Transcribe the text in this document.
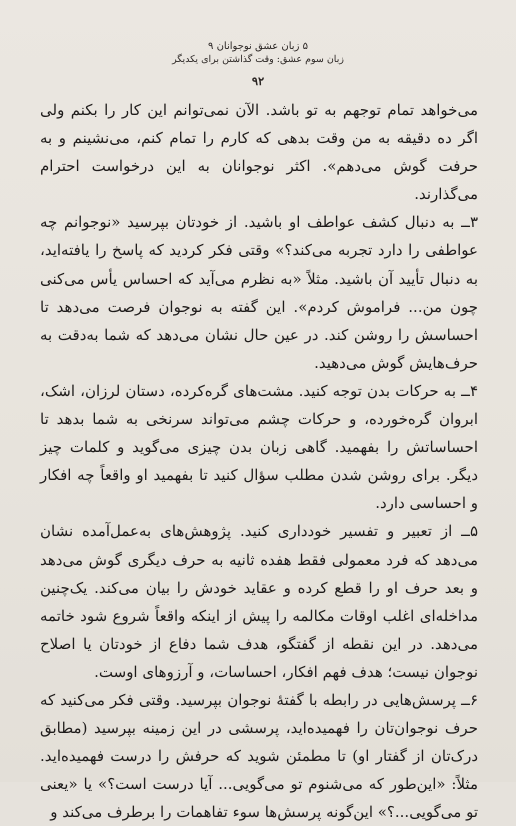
۵ زبان عشق نوجوانان ۹
زبان سوم عشق: وقت گذاشتن برای یکدیگر
۹۲

می‌خواهد تمام توجهم به تو باشد. الآن نمی‌توانم این کار را بکنم ولی اگر ده دقیقه به من وقت بدهی که کارم را تمام کنم، می‌نشینم و به حرفت گوش می‌دهم». اکثر نوجوانان به این درخواست احترام می‌گذارند.

۳ــ به دنبال کشف عواطف او باشید. از خودتان بپرسید «نوجوانم چه عواطفی را دارد تجربه می‌کند؟» وقتی فکر کردید که پاسخ را یافته‌اید، به دنبال تأیید آن باشید. مثلاً «به نظرم می‌آید که احساس یأس می‌کنی چون من... فراموش کردم». این گفته به نوجوان فرصت می‌دهد تا احساسش را روشن کند. در عین حال نشان می‌دهد که شما به‌دقت به حرف‌هایش گوش می‌دهید.

۴ــ به حرکات بدن توجه کنید. مشت‌های گره‌کرده، دستان لرزان، اشک، ابروان گره‌خورده، و حرکات چشم می‌تواند سرنخی به شما بدهد تا احساساتش را بفهمید. گاهی زبان بدن چیزی می‌گوید و کلمات چیز دیگر. برای روشن شدن مطلب سؤال کنید تا بفهمید او واقعاً چه افکار و احساسی دارد.

۵ــ از تعبیر و تفسیر خودداری کنید. پژوهش‌های به‌عمل‌آمده نشان می‌دهد که فرد معمولی فقط هفده ثانیه به حرف دیگری گوش می‌دهد و بعد حرف او را قطع کرده و عقاید خودش را بیان می‌کند. یک‌چنین مداخله‌ای اغلب اوقات مکالمه را پیش از اینکه واقعاً شروع شود خاتمه می‌دهد. در این نقطه از گفتگو، هدف شما دفاع از خودتان یا اصلاح نوجوان نیست؛ هدف فهم افکار، احساسات، و آرزوهای اوست.

۶ــ پرسش‌هایی در رابطه با گفتهٔ نوجوان بپرسید. وقتی فکر می‌کنید که حرف نوجوان‌تان را فهمیده‌اید، پرسشی در این زمینه بپرسید (مطابق درک‌تان از گفتار او) تا مطمئن شوید که حرفش را درست فهمیده‌اید. مثلاً: «این‌طور که می‌شنوم تو می‌گویی... آیا درست است؟» یا «یعنی تو می‌گویی...؟» این‌گونه پرسش‌ها سوء تفاهمات را برطرف می‌کند و
